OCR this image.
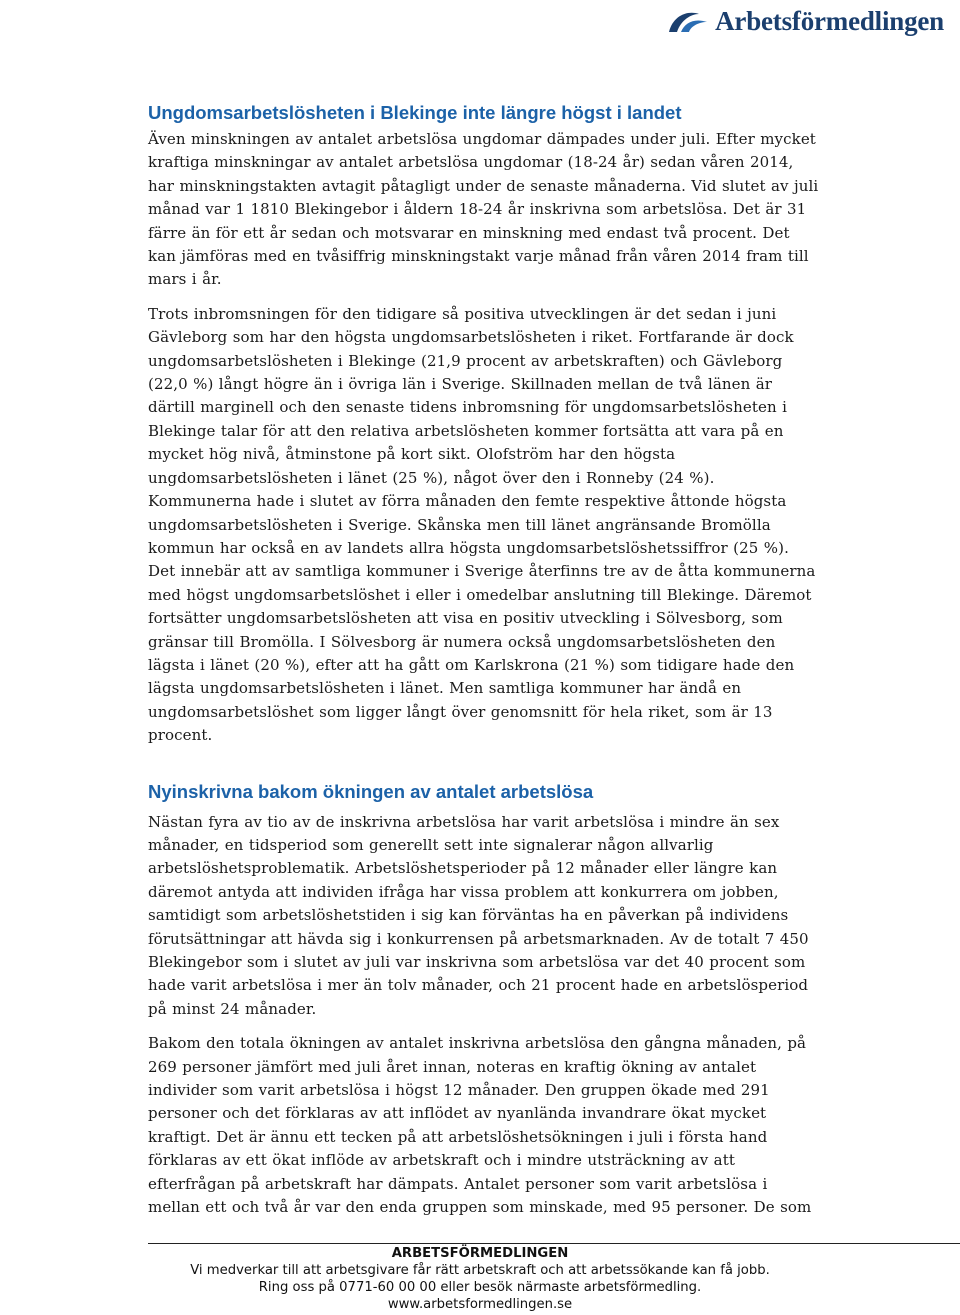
Arbetsförmedlingen
Ungdomsarbetslösheten i Blekinge inte längre högst i landet

Även minskningen av antalet arbetslösa ungdomar dämpades under juli. Efter mycket kraftiga minskningar av antalet arbetslösa ungdomar (18-24 år) sedan våren 2014, har minskningstakten avtagit påtagligt under de senaste månaderna. Vid slutet av juli månad var 1 1810 Blekingebor i åldern 18-24 år inskrivna som arbetslösa. Det är 31 färre än för ett år sedan och motsvarar en minskning med endast två procent. Det kan jämföras med en tvåsiffrig minskningstakt varje månad från våren 2014 fram till mars i år.

Trots inbromsningen för den tidigare så positiva utvecklingen är det sedan i juni Gävleborg som har den högsta ungdomsarbetslösheten i riket. Fortfarande är dock ungdomsarbetslösheten i Blekinge (21,9 procent av arbetskraften) och Gävleborg (22,0 %) långt högre än i övriga län i Sverige. Skillnaden mellan de två länen är därtill marginell och den senaste tidens inbromsning för ungdomsarbetslösheten i Blekinge talar för att den relativa arbetslösheten kommer fortsätta att vara på en mycket hög nivå, åtminstone på kort sikt. Olofström har den högsta ungdomsarbetslösheten i länet (25 %), något över den i Ronneby (24 %). Kommunerna hade i slutet av förra månaden den femte respektive åttonde högsta ungdomsarbetslösheten i Sverige. Skånska men till länet angränsande Bromölla kommun har också en av landets allra högsta ungdomsarbetslöshetssiffror (25 %). Det innebär att av samtliga kommuner i Sverige återfinns tre av de åtta kommunerna med högst ungdomsarbetslöshet i eller i omedelbar anslutning till Blekinge. Däremot fortsätter ungdomsarbetslösheten att visa en positiv utveckling i Sölvesborg, som gränsar till Bromölla. I Sölvesborg är numera också ungdomsarbetslösheten den lägsta i länet (20 %), efter att ha gått om Karlskrona (21 %) som tidigare hade den lägsta ungdomsarbetslösheten i länet. Men samtliga kommuner har ändå en ungdomsarbetslöshet som ligger långt över genomsnitt för hela riket, som är 13 procent.

Nyinskrivna bakom ökningen av antalet arbetslösa

Nästan fyra av tio av de inskrivna arbetslösa har varit arbetslösa i mindre än sex månader, en tidsperiod som generellt sett inte signalerar någon allvarlig arbetslöshetsproblematik. Arbetslöshetsperioder på 12 månader eller längre kan däremot antyda att individen ifråga har vissa problem att konkurrera om jobben, samtidigt som arbetslöshetstiden i sig kan förväntas ha en påverkan på individens förutsättningar att hävda sig i konkurrensen på arbetsmarknaden. Av de totalt 7 450 Blekingebor som i slutet av juli var inskrivna som arbetslösa var det 40 procent som hade varit arbetslösa i mer än tolv månader, och 21 procent hade en arbetslösperiod på minst 24 månader.

Bakom den totala ökningen av antalet inskrivna arbetslösa den gångna månaden, på 269 personer jämfört med juli året innan, noteras en kraftig ökning av antalet individer som varit arbetslösa i högst 12 månader. Den gruppen ökade med 291 personer och det förklaras av att inflödet av nyanlända invandrare ökat mycket kraftigt. Det är ännu ett tecken på att arbetslöshetsökningen i juli i första hand förklaras av ett ökat inflöde av arbetskraft och i mindre utsträckning av att efterfrågan på arbetskraft har dämpats. Antalet personer som varit arbetslösa i mellan ett och två år var den enda gruppen som minskade, med 95 personer. De som

ARBETSFÖRMEDLINGEN
Vi medverkar till att arbetsgivare får rätt arbetskraft och att arbetssökande kan få jobb.
Ring oss på 0771-60 00 00 eller besök närmaste arbetsförmedling.
www.arbetsformedlingen.se
